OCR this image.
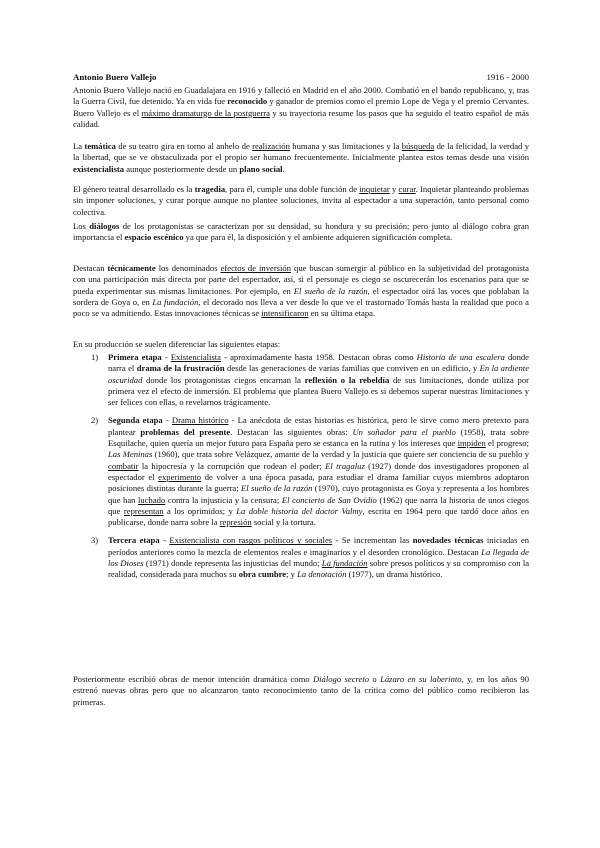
Antonio Buero Vallejo	1916 - 2000
Antonio Buero Vallejo nació en Guadalajara en 1916 y falleció en Madrid en el año 2000. Combatió en el bando republicano, y, tras la Guerra Civil, fue detenido. Ya en vida fue reconocido y ganador de premios como el premio Lope de Vega y el premio Cervantes. Buero Vallejo es el máximo dramaturgo de la postguerra y su trayectoria resume los pasos que ha seguido el teatro español de más calidad.
La temática de su teatro gira en torno al anhelo de realización humana y sus limitaciones y la búsqueda de la felicidad, la verdad y la libertad, que se ve obstaculizada por el propio ser humano frecuentemente. Inicialmente plantea estos temas desde una visión existencialista aunque posteriormente desde un plano social.
El género teatral desarrollado es la tragedia, para él, cumple una doble función de inquietar y curar. Inquietar planteando problemas sin imponer soluciones, y curar porque aunque no plantee soluciones, invita al espectador a una superación, tanto personal como colectiva.
Los diálogos de los protagonistas se caracterizan por su densidad, su hondura y su precisión; pero junto al diálogo cobra gran importancia el espacio escénico ya que para él, la disposición y el ambiente adquieren significación completa.
Destacan técnicamente los denominados efectos de inversión que buscan sumergir al público en la subjetividad del protagonista con una participación más directa por parte del espectador, así, si el personaje es ciego se oscurecerán los escenarios para que se pueda experimentar sus mismas limitaciones. Por ejemplo, en El sueño de la razón, el espectador oirá las voces que poblaban la sordera de Goya o, en La fundación, el decorado nos lleva a ver desde lo que ve el trastornado Tomás hasta la realidad que poco a poco se va admitiendo. Estas innovaciones técnicas se intensificaron en su última etapa.
En su producción se suelen diferenciar las siguientes etapas:
1) Primera etapa - Existencialista - aproximadamente hasta 1958. Destacan obras como Historia de una escalera donde narra el drama de la frustración desde las generaciones de varias familias que conviven en un edificio, y En la ardiente oscuridad donde los protagonistas ciegos encarnan la reflexión o la rebeldía de sus limitaciones, donde utiliza por primera vez el efecto de inmersión. El problema que plantea Buero Vallejo es si debemos superar nuestras limitaciones y ser felices con ellas, o revelarnos trágicamente.
2) Segunda etapa - Drama histórico - La anécdota de estas historias es histórica, pero le sirve como mero pretexto para plantear problemas del presente. Destacan las siguientes obras: Un soñador para el pueblo (1958), trata sobre Esquilache, quien quería un mejor futuro para España pero se estanca en la rutina y los intereses que impiden el progreso; Las Meninas (1960), que trata sobre Velázquez, amante de la verdad y la justicia que quiere ser conciencia de su pueblo y combatir la hipocresía y la corrupción que rodean el poder; El tragaluz (1927) donde dos investigadores proponen al espectador el experimento de volver a una época pasada, para estudiar el drama familiar cuyos miembros adoptaron posiciones distintas durante la guerra; El sueño de la razón (1970), cuyo protagonista es Goya y representa a los hombres que han luchado contra la injusticia y la censura; El concierto de San Ovidio (1962) que narra la historia de unos ciegos que representan a los oprimidos; y La doble historia del doctor Valmy, escrita en 1964 pero que tardó doce años en publicarse, donde narra sobre la represión social y la tortura.
3) Tercera etapa - Existencialista con rasgos políticos y sociales - Se incrementan las novedades técnicas iniciadas en períodos anteriores como la mezcla de elementos reales e imaginarios y el desorden cronológico. Destacan La llegada de los Dioses (1971) donde representa las injusticias del mundo; La fundación sobre presos políticos y su compromiso con la realidad, considerada para muchos su obra cumbre; y La denotación (1977), un drama histórico.
Posteriormente escribió obras de menor intención dramática como Diálogo secreto o Lázaro en su laberinto, y, en los años 90 estrenó nuevas obras pero que no alcanzaron tanto reconocimiento tanto de la crítica como del público como recibieron las primeras.
